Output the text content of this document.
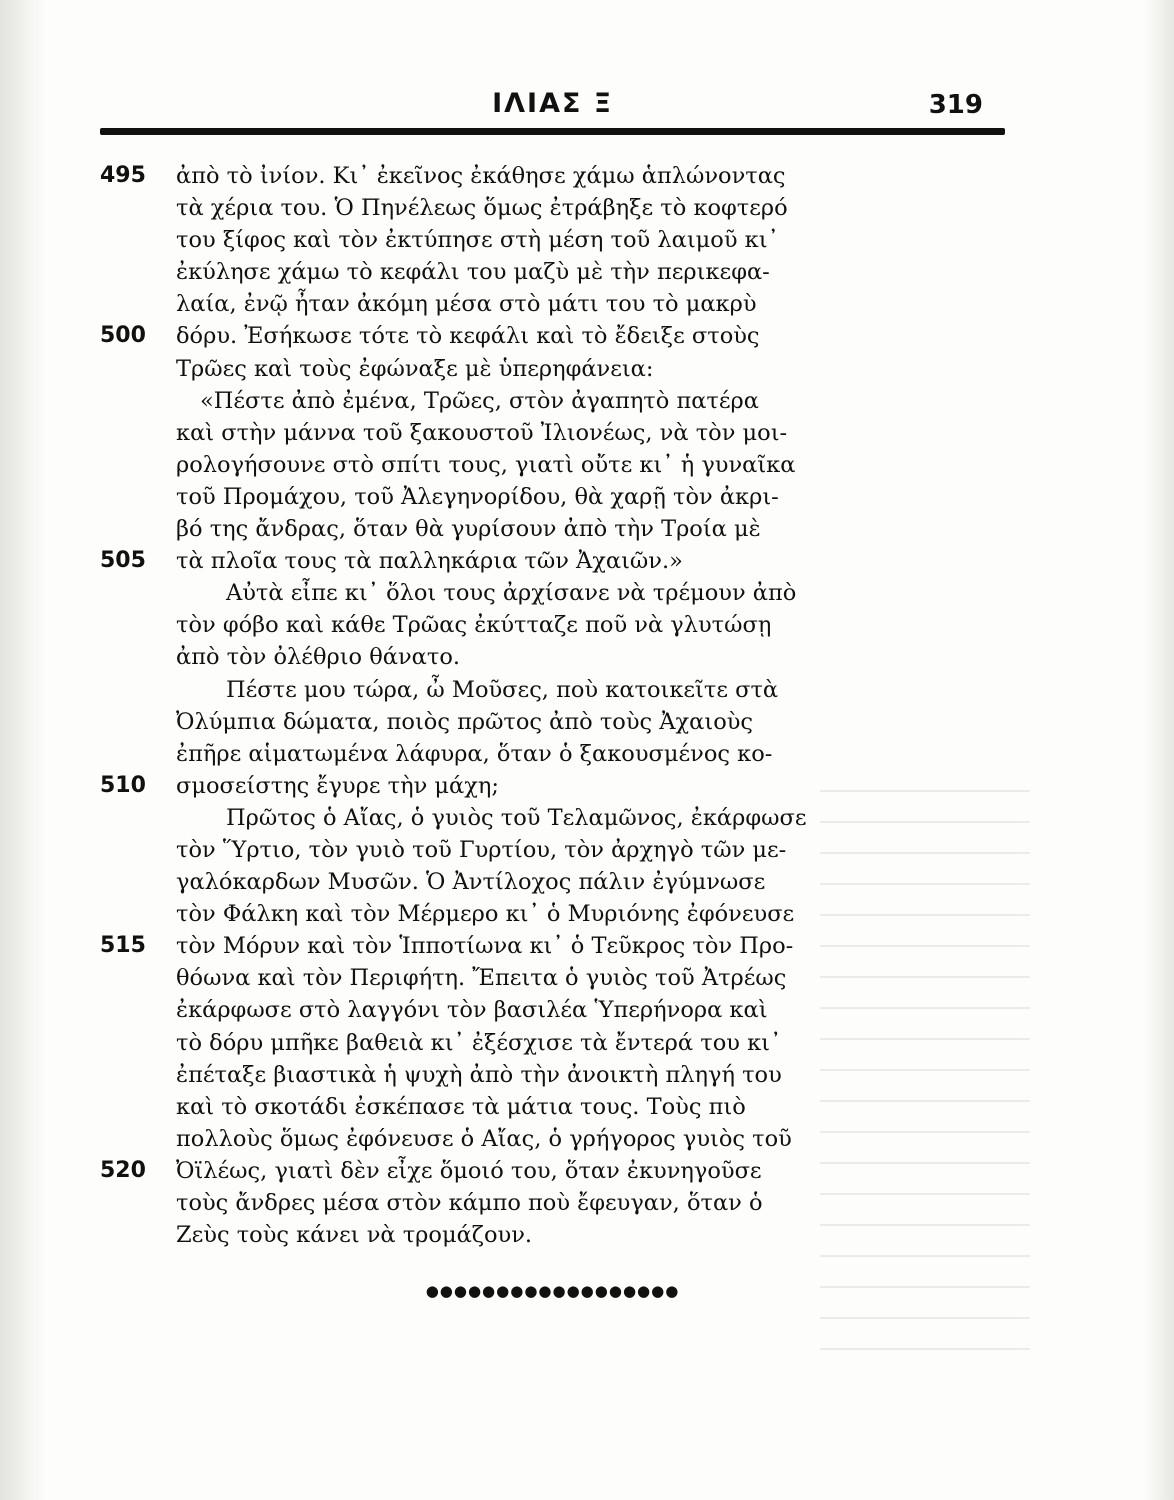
ΙΛΙΑΣ Ξ	319
495	ἀπὸ τὸ ἰνίον. Κι᾿ ἐκεῖνος ἐκάθησε χάμω ἁπλώνοντας
τὰ χέρια του. Ὁ Πηνέλεως ὅμως ἐτράβηξε τὸ κοφτερό
του ξίφος καὶ τὸν ἐκτύπησε στὴ μέση τοῦ λαιμοῦ κι᾿
ἐκύλησε χάμω τὸ κεφάλι του μαζὺ μὲ τὴν περικεφα-
λαία, ἐνῷ ἦταν ἀκόμη μέσα στὸ μάτι του τὸ μακρὺ
500	δόρυ. Ἐσήκωσε τότε τὸ κεφάλι καὶ τὸ ἔδειξε στοὺς
Τρῶες καὶ τοὺς ἐφώναξε μὲ ὑπερηφάνεια:
«Πέστε ἀπὸ ἐμένα, Τρῶες, στὸν ἀγαπητὸ πατέρα
καὶ στὴν μάννα τοῦ ξακουστοῦ Ἰλιονέως, νὰ τὸν μοι-
ρολογήσουνε στὸ σπίτι τους, γιατὶ οὔτε κι᾿ ἡ γυναῖκα
τοῦ Προμάχου, τοῦ Ἀλεγηνορίδου, θὰ χαρῇ τὸν ἀκρι-
βό της ἄνδρας, ὅταν θὰ γυρίσουν ἀπὸ τὴν Τροία μὲ
505	τὰ πλοῖα τους τὰ παλληκάρια τῶν Ἀχαιῶν.»
Αὐτὰ εἶπε κι᾿ ὅλοι τους ἀρχίσανε νὰ τρέμουν ἀπὸ
τὸν φόβο καὶ κάθε Τρῶας ἐκύτταζε ποῦ νὰ γλυτώσῃ
ἀπὸ τὸν ὀλέθριο θάνατο.
Πέστε μου τώρα, ὦ Μοῦσες, ποὺ κατοικεῖτε στὰ
Ὀλύμπια δώματα, ποιὸς πρῶτος ἀπὸ τοὺς Ἀχαιοὺς
ἐπῆρε αἱματωμένα λάφυρα, ὅταν ὁ ξακουσμένος κο-
510	σμοσείστης ἔγυρε τὴν μάχη;
Πρῶτος ὁ Αἴας, ὁ γυιὸς τοῦ Τελαμῶνος, ἐκάρφωσε
τὸν Ὕρτιο, τὸν γυιὸ τοῦ Γυρτίου, τὸν ἀρχηγὸ τῶν με-
γαλόκαρδων Μυσῶν. Ὁ Ἀντίλοχος πάλιν ἐγύμνωσε
τὸν Φάλκη καὶ τὸν Μέρμερο κι᾿ ὁ Μυριόνης ἐφόνευσε
515	τὸν Μόρυν καὶ τὸν Ἱπποτίωνα κι᾿ ὁ Τεῦκρος τὸν Προ-
θόωνα καὶ τὸν Περιφήτη. Ἔπειτα ὁ γυιὸς τοῦ Ἀτρέως
ἐκάρφωσε στὸ λαγγόνι τὸν βασιλέα Ὑπερήνορα καὶ
τὸ δόρυ μπῆκε βαθειὰ κι᾿ ἐξέσχισε τὰ ἔντερά του κι᾿
ἐπέταξε βιαστικὰ ἡ ψυχὴ ἀπὸ τὴν ἀνοικτὴ πληγή του
καὶ τὸ σκοτάδι ἐσκέπασε τὰ μάτια τους. Τοὺς πιὸ
πολλοὺς ὅμως ἐφόνευσε ὁ Αἴας, ὁ γρήγορος γυιὸς τοῦ
520	Ὀϊλέως, γιατὶ δὲν εἶχε ὅμοιό του, ὅταν ἐκυνηγοῦσε
τοὺς ἄνδρες μέσα στὸν κάμπο ποὺ ἔφευγαν, ὅταν ὁ
Ζεὺς τοὺς κάνει νὰ τρομάζουν.
●●●●●●●●●●●●●●●●●●
